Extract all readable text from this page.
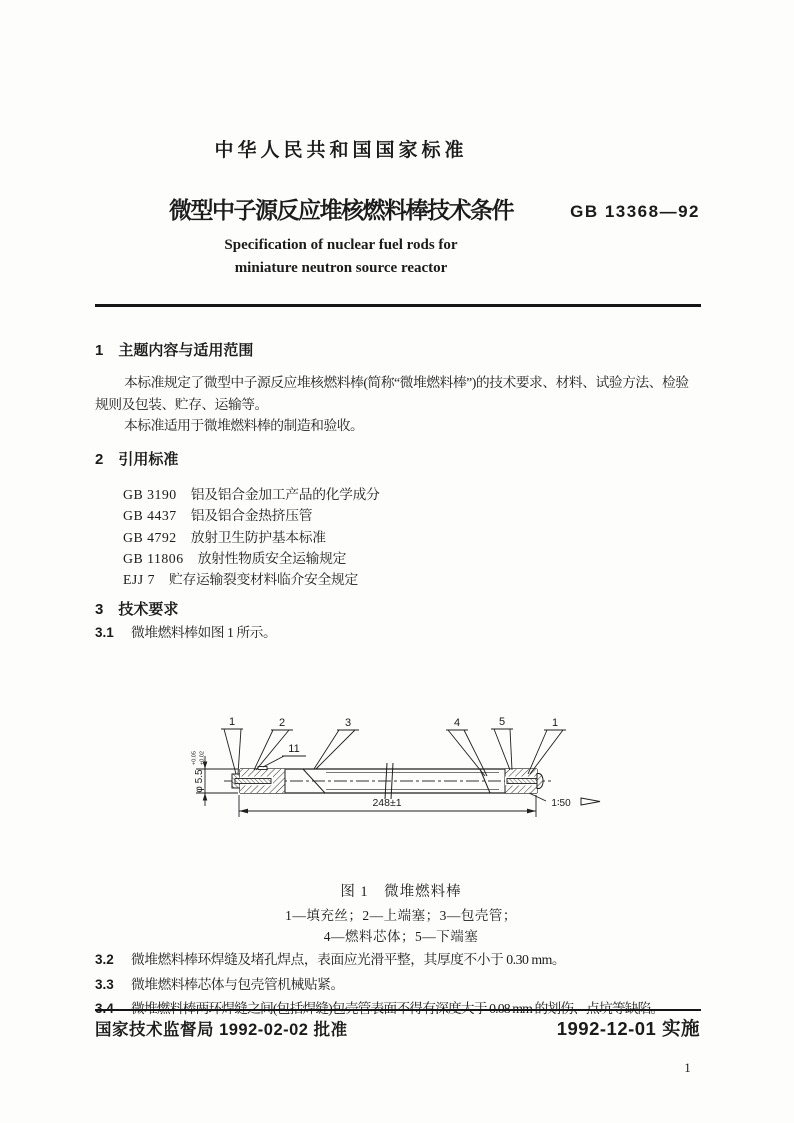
中华人民共和国国家标准
微型中子源反应堆核燃料棒技术条件	GB 13368—92
Specification of nuclear fuel rods for
miniature neutron source reactor
1 主题内容与适用范围
本标准规定了微型中子源反应堆核燃料棒(简称“微堆燃料棒”)的技术要求、材料、试验方法、检验
规则及包装、贮存、运输等。
本标准适用于微堆燃料棒的制造和验收。
2 引用标准
GB 3190 铝及铝合金加工产品的化学成分
GB 4437 铝及铝合金热挤压管
GB 4792 放射卫生防护基本标准
GB 11806 放射性物质安全运输规定
EJJ 7 贮存运输裂变材料临介安全规定
3 技术要求
3.1 微堆燃料棒如图 1 所示。
1	2
11
3	4	5	1
248±1
φ 5.5
+0.05 +0.02
1∶50
图 1　微堆燃料棒
1—填充丝；2—上端塞；3—包壳管；
4—燃料芯体；5—下端塞
3.2 微堆燃料棒环焊缝及堵孔焊点，表面应光滑平整，其厚度不小于 0.30 mm。
3.3 微堆燃料棒芯体与包壳管机械贴紧。
国家技术监督局 1992-02-02 批准	1992-12-01 实施
1
